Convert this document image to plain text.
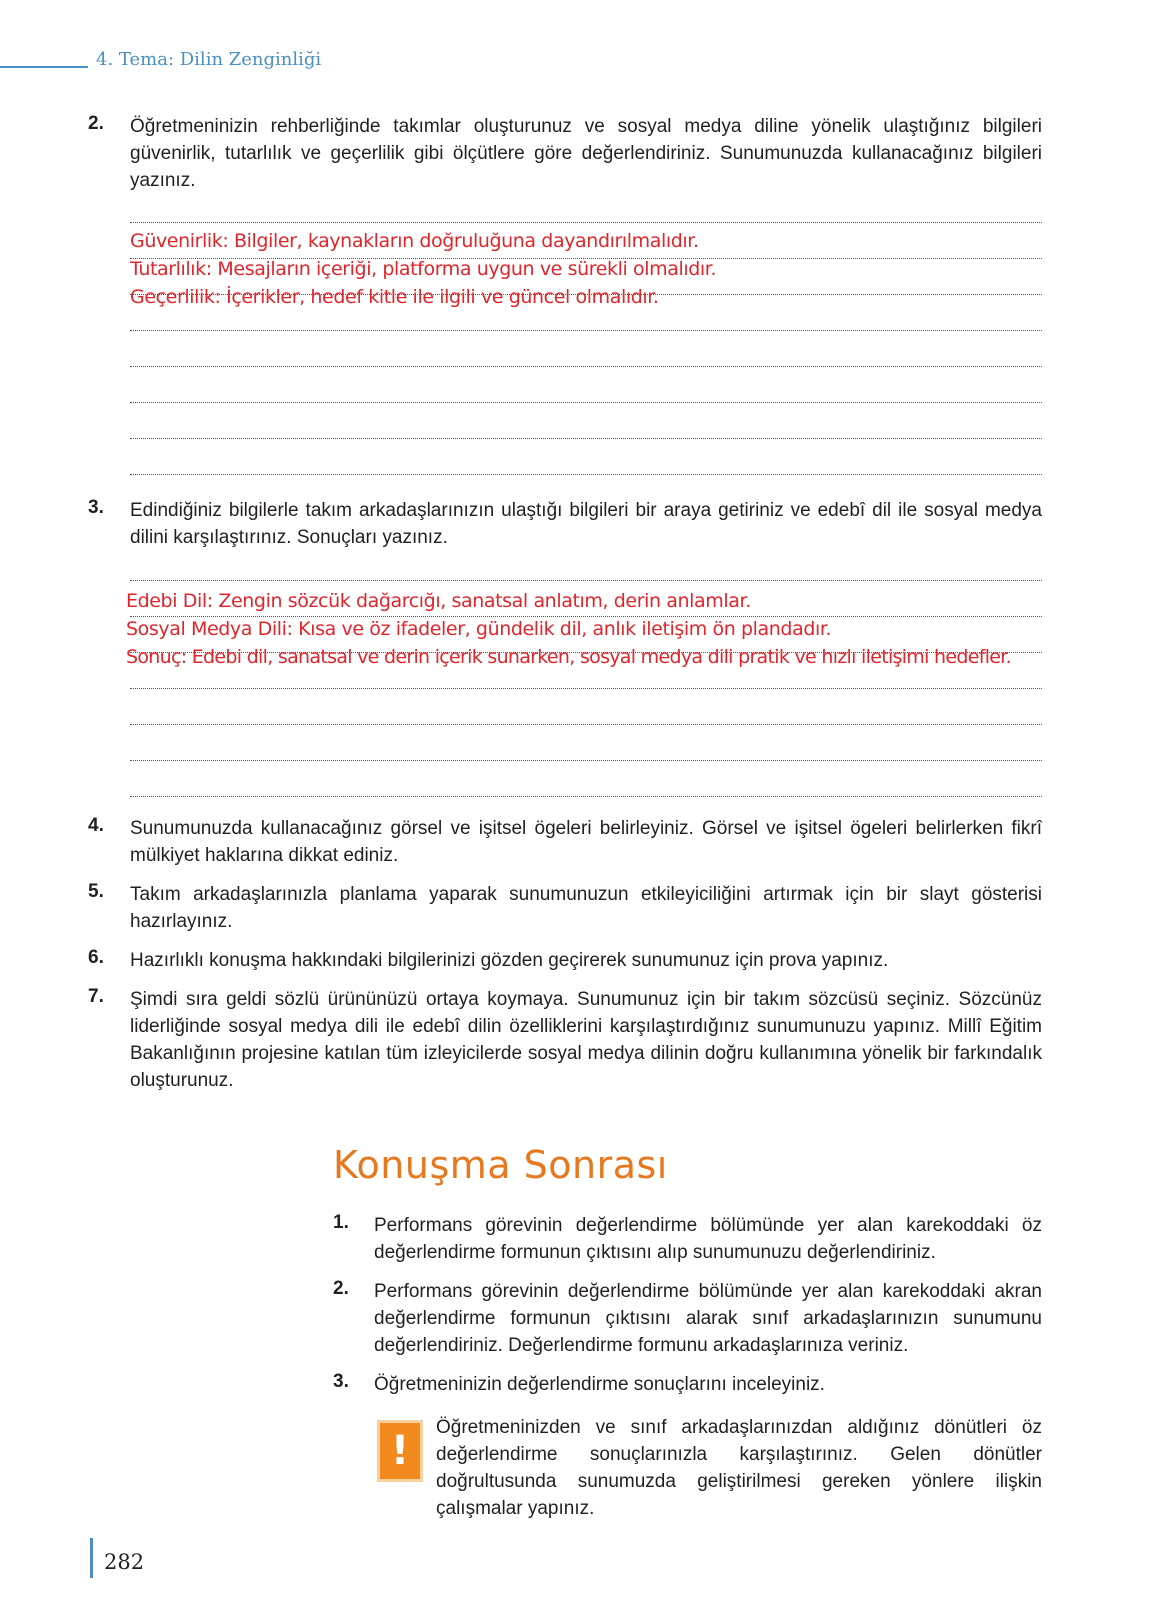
4. Tema: Dilin Zenginliği
2. Öğretmeninizin rehberliğinde takımlar oluşturunuz ve sosyal medya diline yönelik ulaştığınız bilgileri güvenirlik, tutarlılık ve geçerlilik gibi ölçütlere göre değerlendiriniz. Sunumunuzda kullanacağınız bilgileri yazınız.
Güvenirlik: Bilgiler, kaynakların doğruluğuna dayandırılmalıdır.
Tutarlılık: Mesajların içeriği, platforma uygun ve sürekli olmalıdır.
Geçerlilik: İçerikler, hedef kitle ile ilgili ve güncel olmalıdır.
3. Edindiğiniz bilgilerle takım arkadaşlarınızın ulaştığı bilgileri bir araya getiriniz ve edebî dil ile sosyal medya dilini karşılaştırınız. Sonuçları yazınız.
Edebi Dil: Zengin sözcük dağarcığı, sanatsal anlatım, derin anlamlar.
Sosyal Medya Dili: Kısa ve öz ifadeler, gündelik dil, anlık iletişim ön plandadır.
Sonuç: Edebi dil, sanatsal ve derin içerik sunarken, sosyal medya dili pratik ve hızlı iletişimi hedefler.
4. Sunumunuzda kullanacağınız görsel ve işitsel ögeleri belirleyiniz. Görsel ve işitsel ögeleri belirlerken fikrî mülkiyet haklarına dikkat ediniz.
5. Takım arkadaşlarınızla planlama yaparak sunumunuzun etkileyiciliğini artırmak için bir slayt gösterisi hazırlayınız.
6. Hazırlıklı konuşma hakkındaki bilgilerinizi gözden geçirerek sunumunuz için prova yapınız.
7. Şimdi sıra geldi sözlü ürününüzü ortaya koymaya. Sunumunuz için bir takım sözcüsü seçiniz. Sözcünüz liderliğinde sosyal medya dili ile edebî dilin özelliklerini karşılaştırdığınız sunumunuzu yapınız. Millî Eğitim Bakanlığının projesine katılan tüm izleyicilerde sosyal medya dilinin doğru kullanımına yönelik bir farkındalık oluşturunuz.
Konuşma Sonrası
1. Performans görevinin değerlendirme bölümünde yer alan karekoddaki öz değerlendirme formunun çıktısını alıp sunumunuzu değerlendiriniz.
2. Performans görevinin değerlendirme bölümünde yer alan karekoddaki akran değerlendirme formunun çıktısını alarak sınıf arkadaşlarınızın sunumunu değerlendiriniz. Değerlendirme formunu arkadaşlarınıza veriniz.
3. Öğretmeninizin değerlendirme sonuçlarını inceleyiniz.
!
Öğretmeninizden ve sınıf arkadaşlarınızdan aldığınız dönütleri öz değerlendirme sonuçlarınızla karşılaştırınız. Gelen dönütler doğrultusunda sunumuzda geliştirilmesi gereken yönlere ilişkin çalışmalar yapınız.
282
